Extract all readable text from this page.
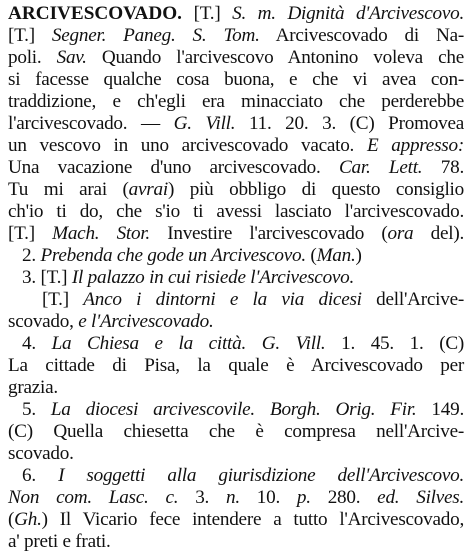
ARCIVESCOVADO. [T.] S. m. Dignità d'Arcivescovo.
[T.] Segner. Paneg. S. Tom. Arcivescovado di Na-
poli. Sav. Quando l'arcivescovo Antonino voleva che
si facesse qualche cosa buona, e che vi avea con-
traddizione, e ch'egli era minacciato che perderebbe
l'arcivescovado. — G. Vill. 11. 20. 3. (C) Promovea
un vescovo in uno arcivescovado vacato. E appresso:
Una vacazione d'uno arcivescovado. Car. Lett. 78.
Tu mi arai (avrai) più obbligo di questo consiglio
ch'io ti do, che s'io ti avessi lasciato l'arcivescovado.
[T.] Mach. Stor. Investire l'arcivescovado (ora del).
2. Prebenda che gode un Arcivescovo. (Man.)
3. [T.] Il palazzo in cui risiede l'Arcivescovo.
[T.] Anco i dintorni e la via dicesi dell'Arcive-
scovado, e l'Arcivescovado.
4. La Chiesa e la città. G. Vill. 1. 45. 1. (C)
La cittade di Pisa, la quale è Arcivescovado per
grazia.
5. La diocesi arcivescovile. Borgh. Orig. Fir. 149.
(C) Quella chiesetta che è compresa nell'Arcive-
scovado.
6. I soggetti alla giurisdizione dell'Arcivescovo.
Non com. Lasc. c. 3. n. 10. p. 280. ed. Silves.
(Gh.) Il Vicario fece intendere a tutto l'Arcivescovado,
a' preti e frati.
